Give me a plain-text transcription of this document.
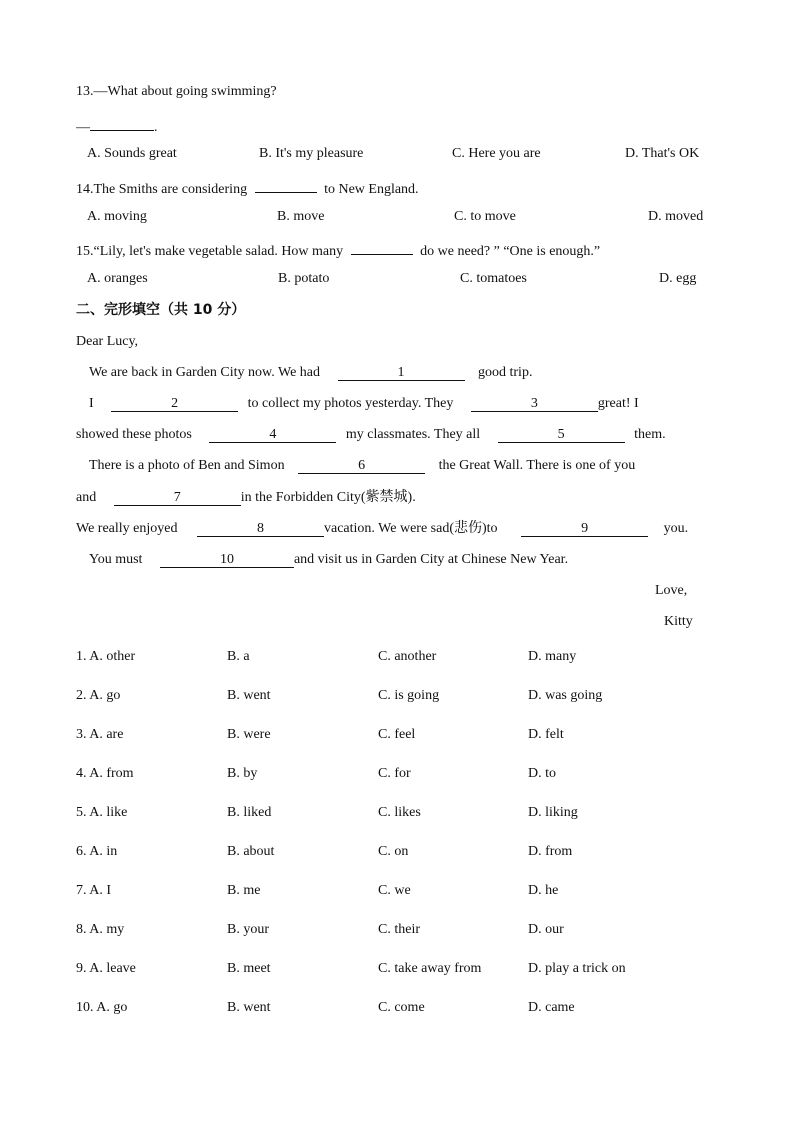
13.—What about going swimming?
—	.
A. Sounds great	B. It's my pleasure	C. Here you are	D. That's OK
14.The Smiths are considering	to New England.
A. moving	B. move	C. to move	D. moved
15.“Lily, let's make vegetable salad. How many	do we need? ” “One is enough.”
A. oranges	B. potato	C. tomatoes	D. egg
二、完形填空（共 10 分）
Dear Lucy,
We are back in Garden City now. We had	1	good trip.
I	2	to collect my photos yesterday. They	3	great! I
showed these photos	4	my classmates. They all	5	them.
There is a photo of Ben and Simon	6	the Great Wall. There is one of you
and	7	in the Forbidden City(紫禁城).
We really enjoyed	8	vacation. We were sad(悲伤)to	9	you.
You must	10	and visit us in Garden City at Chinese New Year.
Love,
Kitty
1. A. other	B. a	C. another	D. many
2. A. go	B. went	C. is going	D. was going
3. A. are	B. were	C. feel	D. felt
4. A. from	B. by	C. for	D. to
5. A. like	B. liked	C. likes	D. liking
6. A. in	B. about	C. on	D. from
7. A. I	B. me	C. we	D. he
8. A. my	B. your	C. their	D. our
9. A. leave	B. meet	C. take away from	D. play a trick on
10. A. go	B. went	C. come	D. came
